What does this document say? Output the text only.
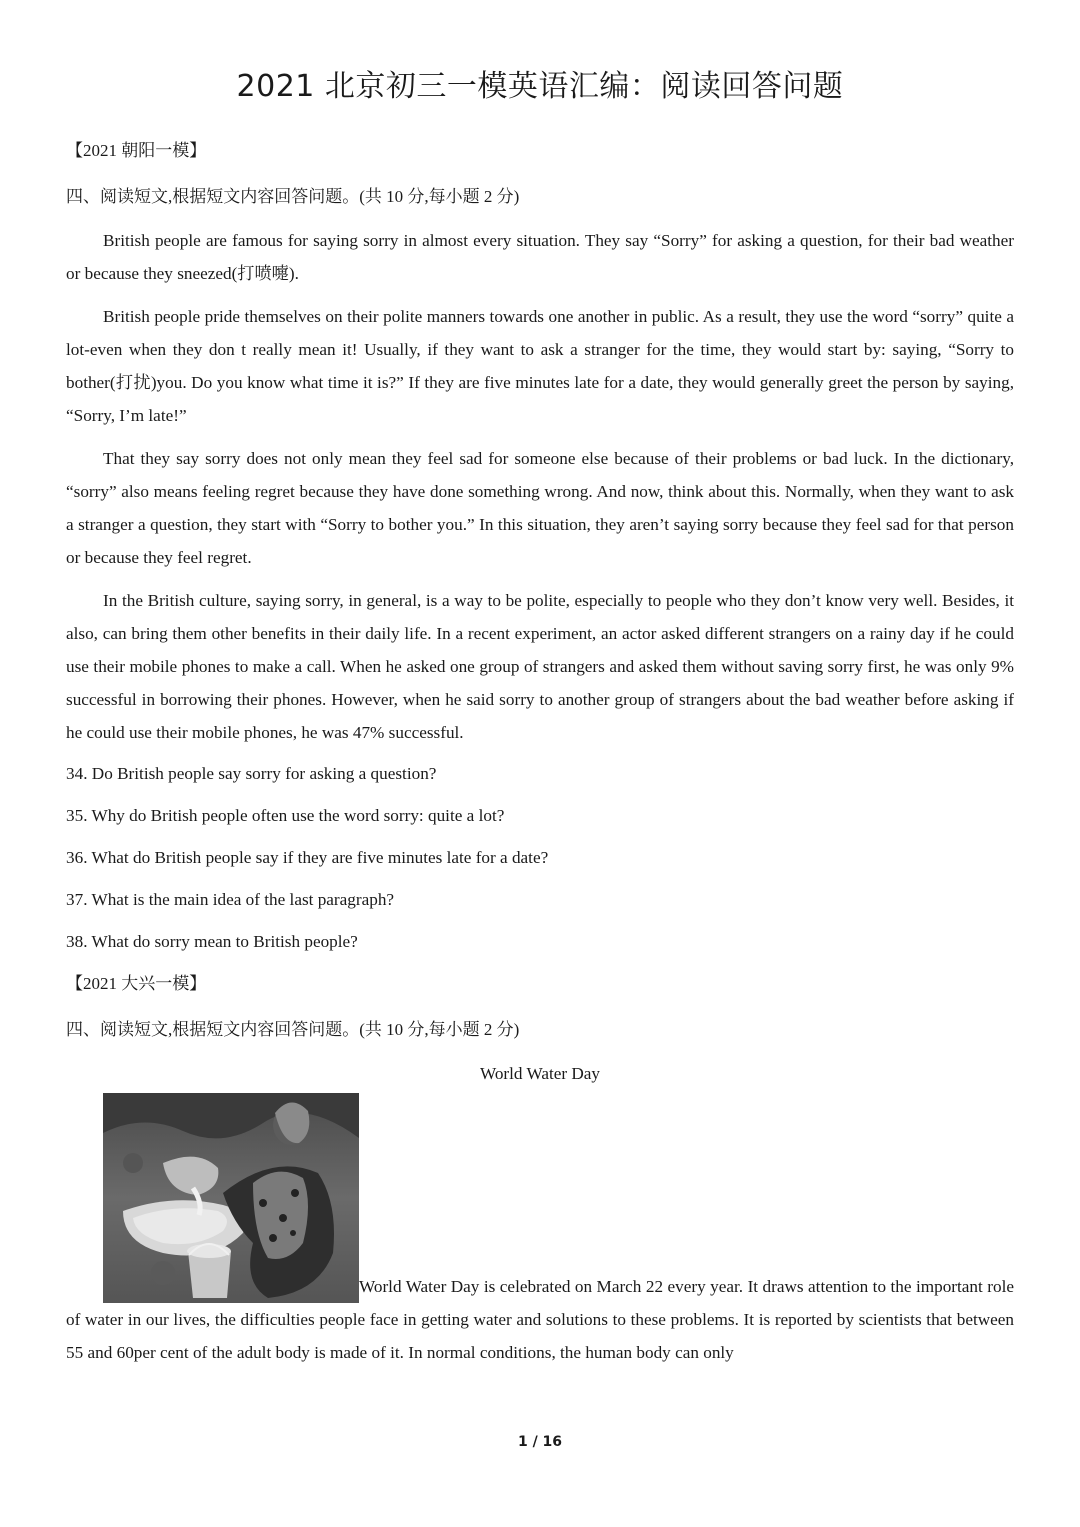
2021 北京初三一模英语汇编：阅读回答问题
【2021 朝阳一模】
四、阅读短文,根据短文内容回答问题。(共 10 分,每小题 2 分)

British people are famous for saying sorry in almost every situation. They say “Sorry” for asking a question, for their bad weather or because they sneezed(打喷嚏).

British people pride themselves on their polite manners towards one another in public. As a result, they use the word “sorry” quite a lot-even when they don t really mean it! Usually, if they want to ask a stranger for the time, they would start by: saying, “Sorry to bother(打扰)you. Do you know what time it is?” If they are five minutes late for a date, they would generally greet the person by saying, “Sorry, I’m late!”

That they say sorry does not only mean they feel sad for someone else because of their problems or bad luck. In the dictionary, “sorry” also means feeling regret because they have done something wrong. And now, think about this. Normally, when they want to ask a stranger a question, they start with “Sorry to bother you.” In this situation, they aren’t saying sorry because they feel sad for that person or because they feel regret.

In the British culture, saying sorry, in general, is a way to be polite, especially to people who they don’t know very well. Besides, it also, can bring them other benefits in their daily life. In a recent experiment, an actor asked different strangers on a rainy day if he could use their mobile phones to make a call. When he asked one group of strangers and asked them without saving sorry first, he was only 9% successful in borrowing their phones. However, when he said sorry to another group of strangers about the bad weather before asking if he could use their mobile phones, he was 47% successful.

34. Do British people say sorry for asking a question?
35. Why do British people often use the word sorry: quite a lot?
36. What do British people say if they are five minutes late for a date?
37. What is the main idea of the last paragraph?
38. What do sorry mean to British people?
【2021 大兴一模】
四、阅读短文,根据短文内容回答问题。(共 10 分,每小题 2 分)
World Water Day

World Water Day is celebrated on March 22 every year. It draws attention to the important role of water in our lives, the difficulties people face in getting water and solutions to these problems. It is reported by scientists that between 55 and 60per cent of the adult body is made of it. In normal conditions, the human body can only

1 / 16
